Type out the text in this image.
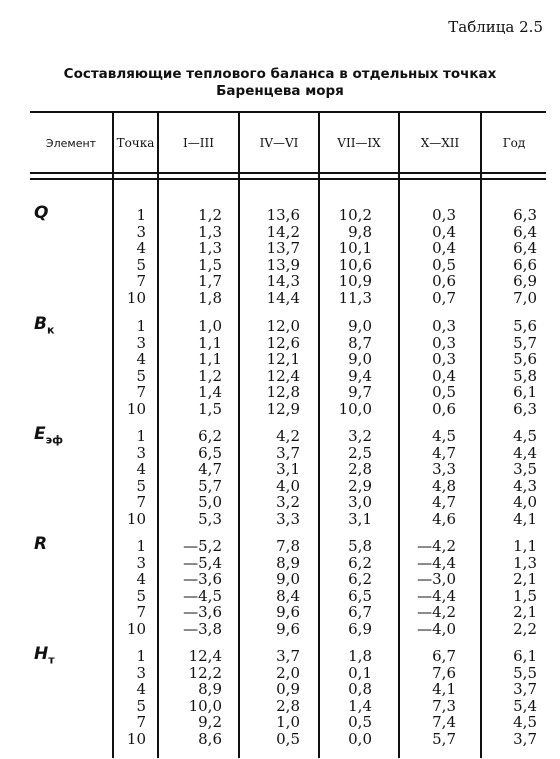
Таблица 2.5
Составляющие теплового баланса в отдельных точках
Баренцева моря
Элемент	Точка	I—III	IV—VI	VII—IX	X—XII	Год
Q	1	1,2	13,6	10,2	0,3	6,3
3	1,3	14,2	9,8	0,4	6,4
4	1,3	13,7	10,1	0,4	6,4
5	1,5	13,9	10,6	0,5	6,6
7	1,7	14,3	10,9	0,6	6,9
10	1,8	14,4	11,3	0,7	7,0
$B_к$	1	1,0	12,0	9,0	0,3	5,6
3	1,1	12,6	8,7	0,3	5,7
4	1,1	12,1	9,0	0,3	5,6
5	1,2	12,4	9,4	0,4	5,8
7	1,4	12,8	9,7	0,5	6,1
10	1,5	12,9	10,0	0,6	6,3
$E_{эф}$	1	6,2	4,2	3,2	4,5	4,5
3	6,5	3,7	2,5	4,7	4,4
4	4,7	3,1	2,8	3,3	3,5
5	5,7	4,0	2,9	4,8	4,3
7	5,0	3,2	3,0	4,7	4,0
10	5,3	3,3	3,1	4,6	4,1
R	1 —5,2	7,8	5,8	—4,2	1,1
3 —5,4	8,9	6,2	—4,4	1,3
4 —3,6	9,0	6,2	—3,0	2,1
5 —4,5	8,4	6,5	—4,4	1,5
7 —3,6	9,6	6,7	—4,2	2,1
10 —3,8	9,6	6,9	—4,0	2,2
$H_т$	1	12,4	3,7	1,8	6,7	6,1
3	12,2	2,0	0,1	7,6	5,5
4	8,9	0,9	0,8	4,1	3,7
5	10,0	2,8	1,4	7,3	5,4
7	9,2	1,0	0,5	7,4	4,5
10	8,6	0,5	0,0	5,7	3,7
